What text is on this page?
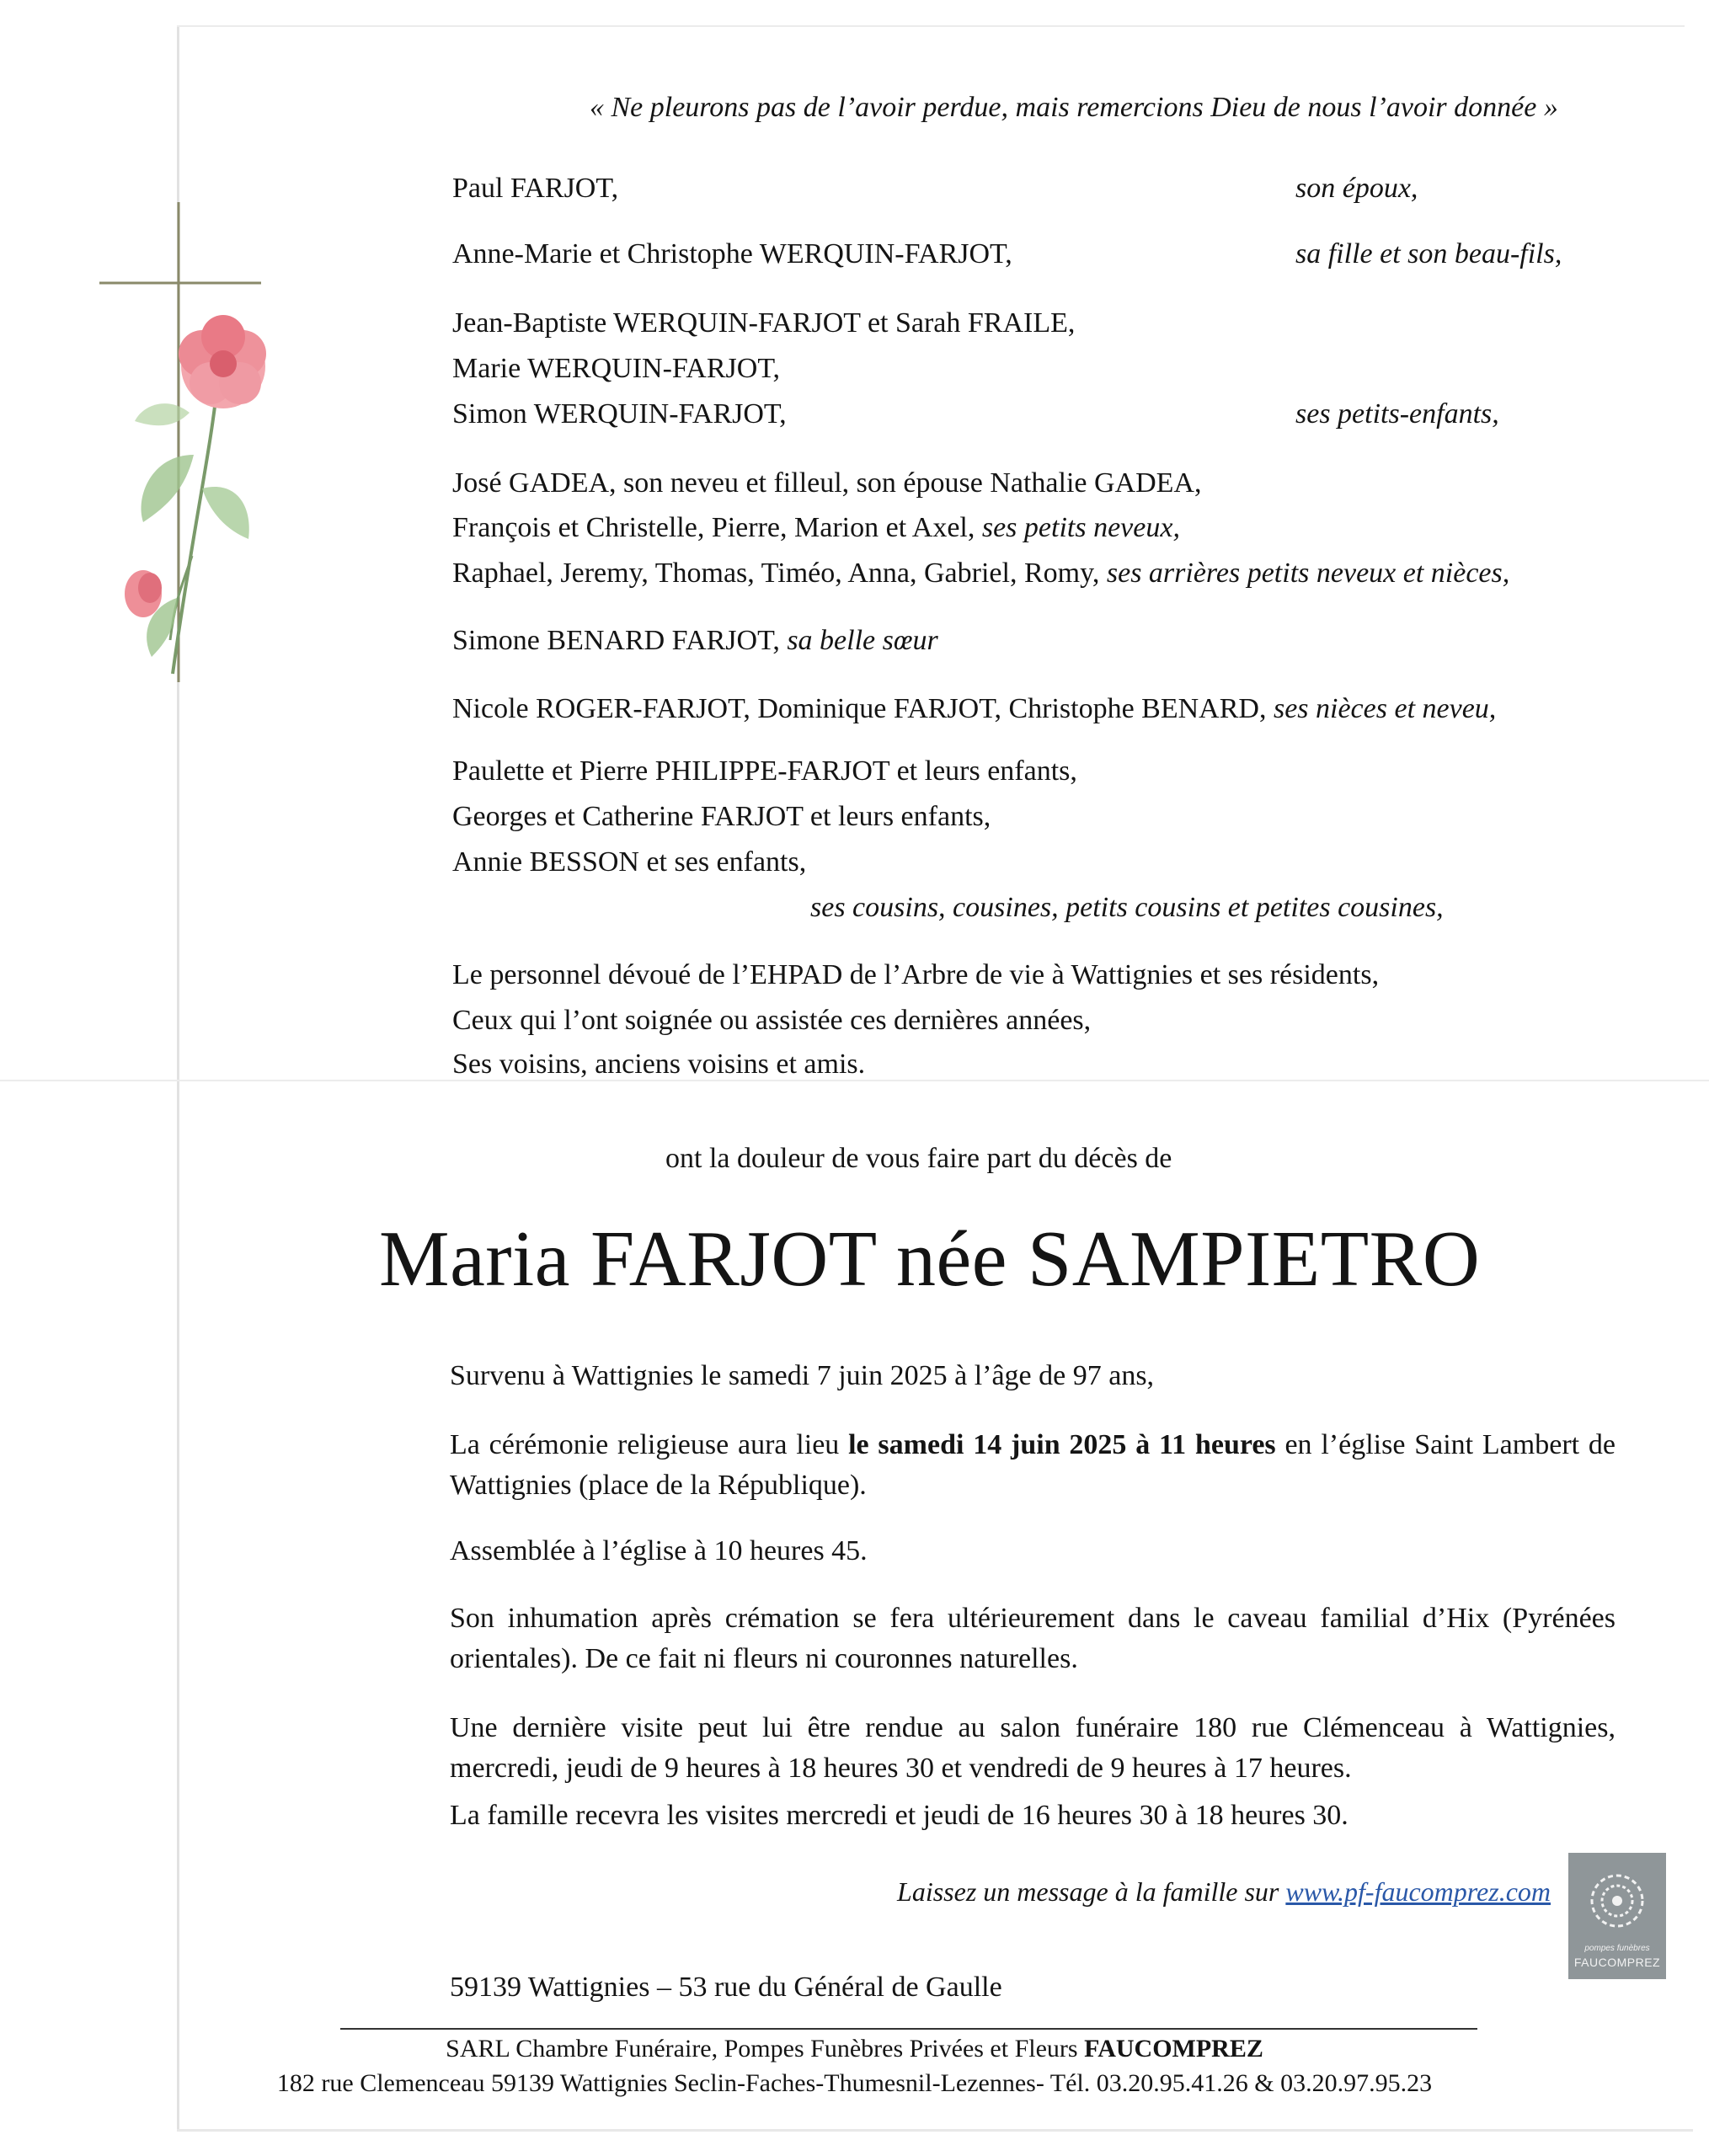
« Ne pleurons pas de l’avoir perdue, mais remercions Dieu de nous l’avoir donnée »
Paul FARJOT,	son époux,
Anne-Marie et Christophe WERQUIN-FARJOT,	sa fille et son beau-fils,
Jean-Baptiste WERQUIN-FARJOT et Sarah FRAILE,
Marie WERQUIN-FARJOT,
Simon WERQUIN-FARJOT,	ses petits-enfants,
José GADEA, son neveu et filleul, son épouse Nathalie GADEA,
François et Christelle, Pierre, Marion et Axel, ses petits neveux,
Raphael, Jeremy, Thomas, Timéo, Anna, Gabriel, Romy, ses arrières petits neveux et nièces,
Simone BENARD FARJOT, sa belle sœur
Nicole ROGER-FARJOT, Dominique FARJOT, Christophe BENARD, ses nièces et neveu,
Paulette et Pierre PHILIPPE-FARJOT et leurs enfants,
Georges et Catherine FARJOT et leurs enfants,
Annie BESSON et ses enfants,
ses cousins, cousines, petits cousins et petites cousines,
Le personnel dévoué de l’EHPAD de l’Arbre de vie à Wattignies et ses résidents,
Ceux qui l’ont soignée ou assistée ces dernières années,
Ses voisins, anciens voisins et amis.
ont la douleur de vous faire part du décès de
Maria FARJOT née SAMPIETRO
Survenu à Wattignies le samedi 7 juin 2025 à l’âge de 97 ans,
La cérémonie religieuse aura lieu le samedi 14 juin 2025 à 11 heures en l’église Saint Lambert de Wattignies (place de la République).
Assemblée à l’église à 10 heures 45.
Son inhumation après crémation se fera ultérieurement dans le caveau familial d’Hix (Pyrénées orientales). De ce fait ni fleurs ni couronnes naturelles.
Une dernière visite peut lui être rendue au salon funéraire 180 rue Clémenceau à Wattignies, mercredi, jeudi de 9 heures à 18 heures 30 et vendredi de 9 heures à 17 heures.
La famille recevra les visites mercredi et jeudi de 16 heures 30 à 18 heures 30.
Laissez un message à la famille sur www.pf-faucomprez.com
pompes funèbres
FAUCOMPREZ
59139 Wattignies – 53 rue du Général de Gaulle
SARL Chambre Funéraire, Pompes Funèbres Privées et Fleurs FAUCOMPREZ
182 rue Clemenceau 59139 Wattignies Seclin-Faches-Thumesnil-Lezennes- Tél. 03.20.95.41.26 & 03.20.97.95.23
